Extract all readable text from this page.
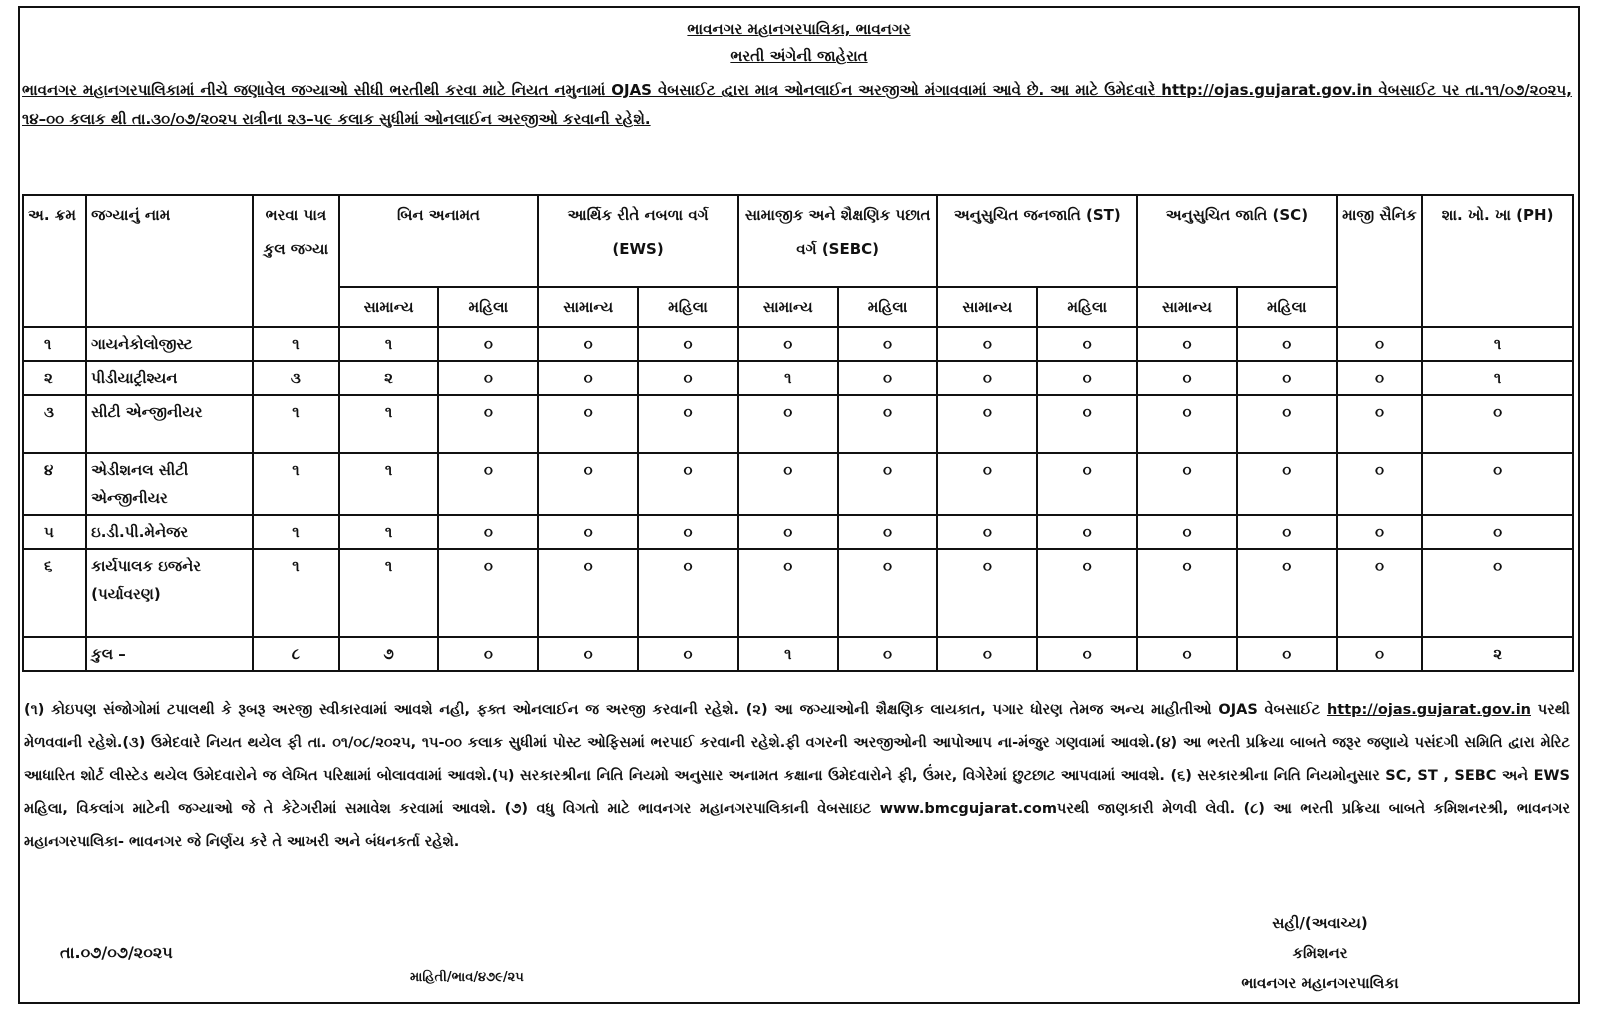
ભાવનગર મહાનગરપાલિકા, ભાવનગર
ભરતી અંગેની જાહેરાત
ભાવનગર મહાનગરપાલિકામાં નીચે જણાવેલ જગ્યાઓ સીધી ભરતીથી કરવા માટે નિયત નમુનામાં OJAS વેબસાઈટ દ્વારા માત્ર ઓનલાઈન અરજીઓ મંગાવવામાં આવે છે. આ માટે ઉમેદવારે http://ojas.gujarat.gov.in વેબસાઈટ પર તા.૧૧/૦૭/૨૦૨૫, ૧૪–૦૦ કલાક થી તા.૩૦/૦૭/૨૦૨૫ રાત્રીના ૨૩–૫૯ કલાક સુધીમાં ઓનલાઈન અરજીઓ કરવાની રહેશે.
અ. ક્રમ	જગ્યાનું નામ	ભરવા પાત્ર કુલ જગ્યા	બિન અનામત		આર્થિક રીતે નબળા વર્ગ (EWS)		સામાજીક અને શૈક્ષણિક પછાત વર્ગ (SEBC)		અનુસુચિત જનજાતિ (ST)		અનુસુચિત જાતિ (SC)		માજી સૈનિક	શા. ખો. ખા (PH)
			સામાન્ય	મહિલા	સામાન્ય	મહિલા	સામાન્ય	મહિલા	સામાન્ય	મહિલા	સામાન્ય	મહિલા		
૧	ગાયનેકોલોજીસ્ટ	૧	૧	૦	૦	૦	૦	૦	૦	૦	૦	૦	૦	૧
૨	પીડીયાટ્રીશ્યન	૩	૨	૦	૦	૦	૧	૦	૦	૦	૦	૦	૦	૧
૩	સીટી એન્જીનીયર	૧	૧	૦	૦	૦	૦	૦	૦	૦	૦	૦	૦	૦
૪	એડીશનલ સીટી એન્જીનીયર	૧	૧	૦	૦	૦	૦	૦	૦	૦	૦	૦	૦	૦
૫	ઇ.ડી.પી.મેનેજર	૧	૧	૦	૦	૦	૦	૦	૦	૦	૦	૦	૦	૦
૬	કાર્યપાલક ઇજનેર (પર્યાવરણ)	૧	૧	૦	૦	૦	૦	૦	૦	૦	૦	૦	૦	૦
	કુલ –	૮	૭	૦	૦	૦	૧	૦	૦	૦	૦	૦	૦	૨
(૧) કોઇપણ સંજોગોમાં ટપાલથી કે રૂબરૂ અરજી સ્વીકારવામાં આવશે નહી, ફક્ત ઓનલાઈન જ અરજી કરવાની રહેશે. (૨) આ જગ્યાઓની શૈક્ષણિક લાયકાત, પગાર ધોરણ તેમજ અન્ય માહીતીઓ OJAS વેબસાઈટ http://ojas.gujarat.gov.in પરથી મેળવવાની રહેશે.(૩) ઉમેદવારે નિયત થયેલ ફી તા. ૦૧/૦૮/૨૦૨૫, ૧૫-૦૦ કલાક સુધીમાં પોસ્ટ ઓફિસમાં ભરપાઈ કરવાની રહેશે.ફી વગરની અરજીઓની આપોઆપ ના-મંજુર ગણવામાં આવશે.(૪) આ ભરતી પ્રક્રિયા બાબતે જરૂર જણાયે પસંદગી સમિતિ દ્વારા મેરિટ આધારિત શોર્ટ લીસ્ટેડ થયેલ ઉમેદવારોને જ લેખિત પરિક્ષામાં બોલાવવામાં આવશે.(૫) સરકારશ્રીના નિતિ નિયમો અનુસાર અનામત કક્ષાના ઉમેદવારોને ફી, ઉંમર, વિગેરેમાં છુટછાટ આપવામાં આવશે. (૬) સરકારશ્રીના નિતિ નિયમોનુસાર SC, ST , SEBC અને EWS મહિલા, વિકલાંગ માટેની જગ્યાઓ જે તે કેટેગરીમાં સમાવેશ કરવામાં આવશે. (૭) વધુ વિગતો માટે ભાવનગર મહાનગરપાલિકાની વેબસાઇટ www.bmcgujarat.comપરથી જાણકારી મેળવી લેવી. (૮) આ ભરતી પ્રક્રિયા બાબતે કમિશનરશ્રી, ભાવનગર મહાનગરપાલિકા- ભાવનગર જે નિર્ણય કરે તે આખરી અને બંધનકર્તા રહેશે.
તા.૦૭/૦૭/૨૦૨૫
માહિતી/ભાવ/૪૭૯/૨૫
સહી/(અવાચ્ય)
કમિશનર
ભાવનગર મહાનગરપાલિકા
